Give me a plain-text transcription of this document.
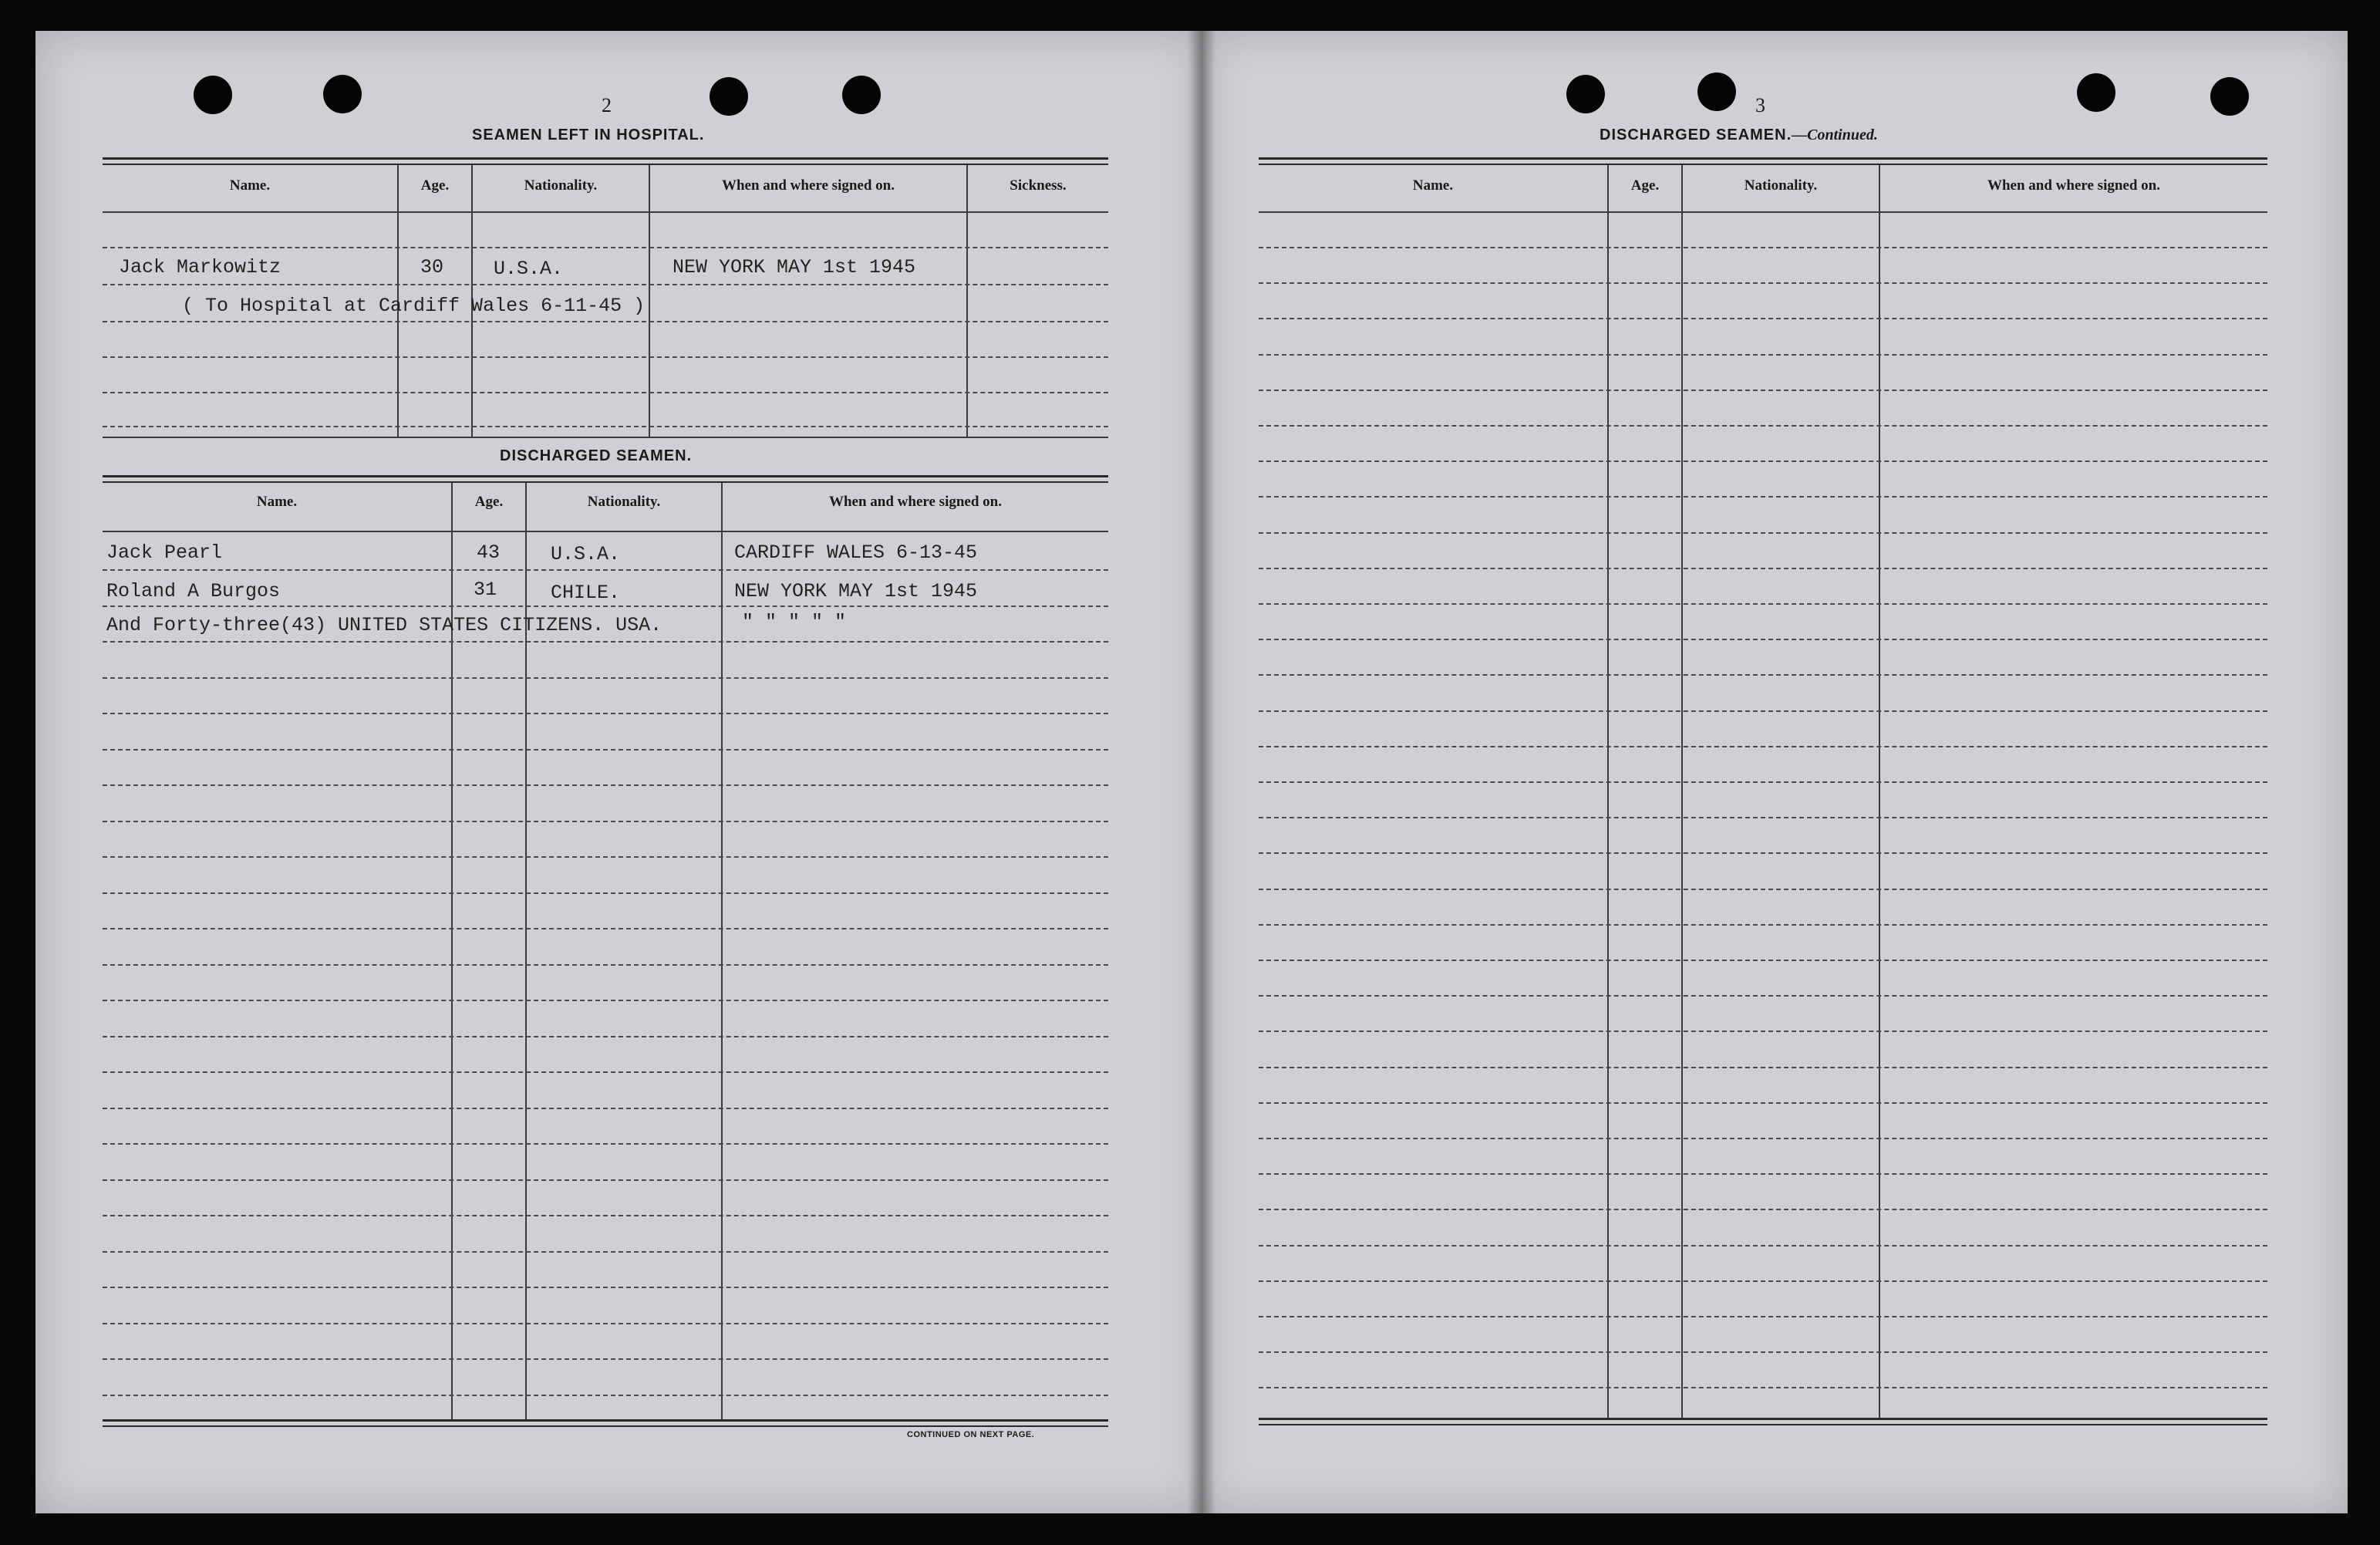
2
SEAMEN LEFT IN HOSPITAL.
Name.	Age.	Nationality.	When and where signed on.	Sickness.
Jack Markowitz	30	U.S.A.	NEW YORK MAY 1st 1945
( To Hospital at Cardiff Wales 6-11-45 )
DISCHARGED SEAMEN.
Name.	Age.	Nationality.	When and where signed on.
Jack Pearl	43	U.S.A.	CARDIFF WALES 6-13-45
Roland A Burgos	31	CHILE.	NEW YORK MAY 1st 1945
And Forty-three(43) UNITED STATES CITIZENS. USA.	" " " " "
CONTINUED ON NEXT PAGE.
3
DISCHARGED SEAMEN.—Continued.
Name.	Age.	Nationality.	When and where signed on.
